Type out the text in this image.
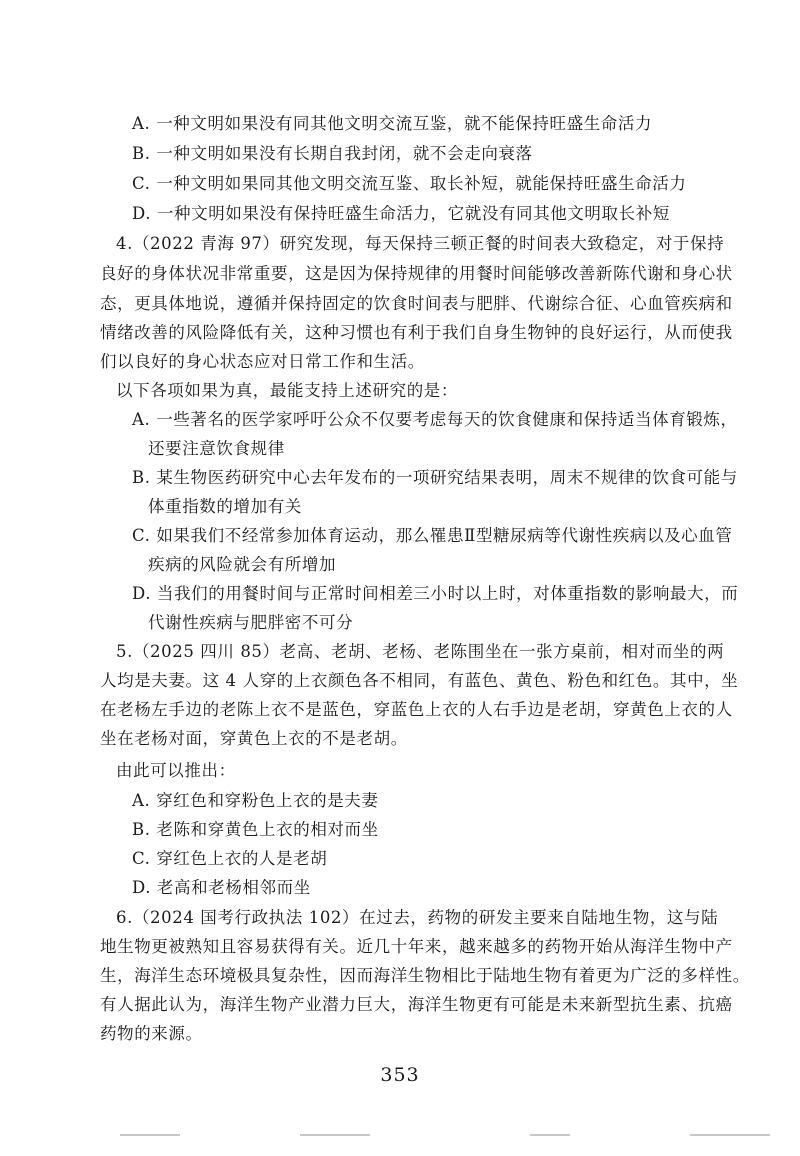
A. 一种文明如果没有同其他文明交流互鉴，就不能保持旺盛生命活力
B. 一种文明如果没有长期自我封闭，就不会走向衰落
C. 一种文明如果同其他文明交流互鉴、取长补短，就能保持旺盛生命活力
D. 一种文明如果没有保持旺盛生命活力，它就没有同其他文明取长补短
4.（2022 青海 97）研究发现，每天保持三顿正餐的时间表大致稳定，对于保持
良好的身体状况非常重要，这是因为保持规律的用餐时间能够改善新陈代谢和身心状
态，更具体地说，遵循并保持固定的饮食时间表与肥胖、代谢综合征、心血管疾病和
情绪改善的风险降低有关，这种习惯也有利于我们自身生物钟的良好运行，从而使我
们以良好的身心状态应对日常工作和生活。
以下各项如果为真，最能支持上述研究的是：
A. 一些著名的医学家呼吁公众不仅要考虑每天的饮食健康和保持适当体育锻炼，
还要注意饮食规律
B. 某生物医药研究中心去年发布的一项研究结果表明，周末不规律的饮食可能与
体重指数的增加有关
C. 如果我们不经常参加体育运动，那么罹患Ⅱ型糖尿病等代谢性疾病以及心血管
疾病的风险就会有所增加
D. 当我们的用餐时间与正常时间相差三小时以上时，对体重指数的影响最大，而
代谢性疾病与肥胖密不可分
5.（2025 四川 85）老高、老胡、老杨、老陈围坐在一张方桌前，相对而坐的两
人均是夫妻。这 4 人穿的上衣颜色各不相同，有蓝色、黄色、粉色和红色。其中，坐
在老杨左手边的老陈上衣不是蓝色，穿蓝色上衣的人右手边是老胡，穿黄色上衣的人
坐在老杨对面，穿黄色上衣的不是老胡。
由此可以推出：
A. 穿红色和穿粉色上衣的是夫妻
B. 老陈和穿黄色上衣的相对而坐
C. 穿红色上衣的人是老胡
D. 老高和老杨相邻而坐
6.（2024 国考行政执法 102）在过去，药物的研发主要来自陆地生物，这与陆
地生物更被熟知且容易获得有关。近几十年来，越来越多的药物开始从海洋生物中产
生，海洋生态环境极具复杂性，因而海洋生物相比于陆地生物有着更为广泛的多样性。
有人据此认为，海洋生物产业潜力巨大，海洋生物更有可能是未来新型抗生素、抗癌
药物的来源。
353
